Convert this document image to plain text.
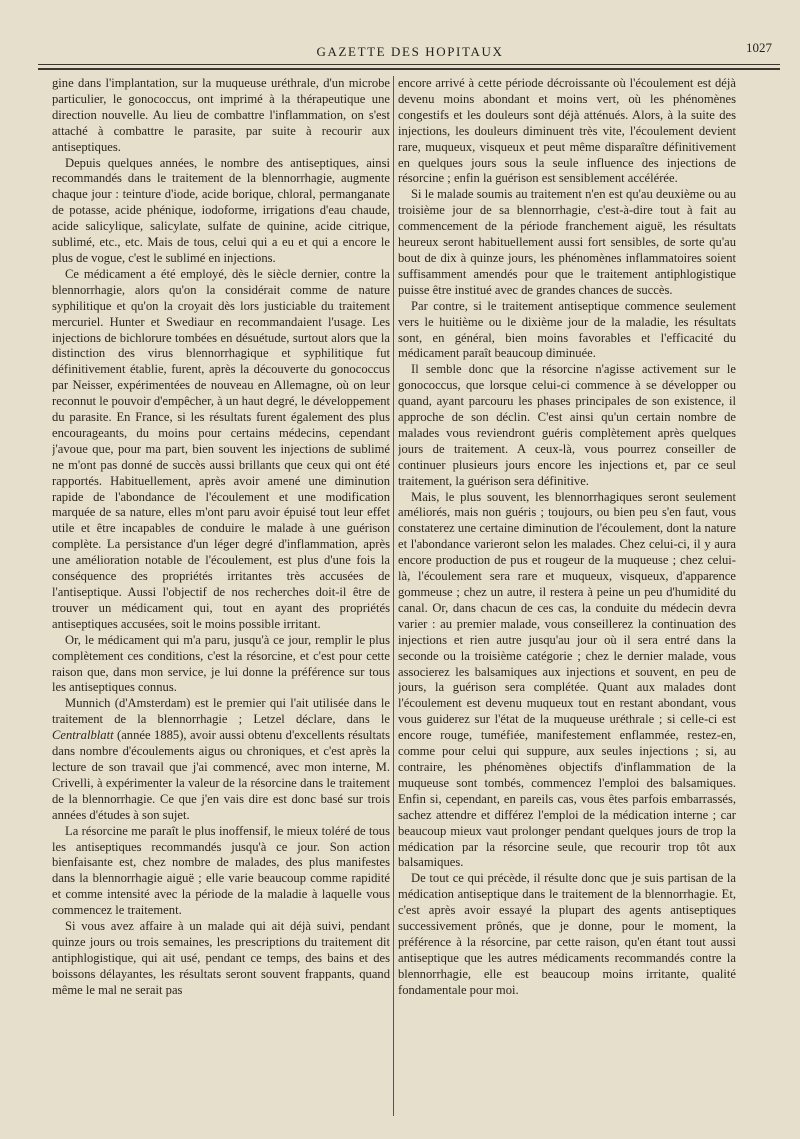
GAZETTE DES HOPITAUX	1027

gine dans l'implantation, sur la muqueuse uréthrale, d'un microbe particulier, le gonococcus, ont imprimé à la thérapeutique une direction nouvelle. Au lieu de combattre l'inflammation, on s'est attaché à combattre le parasite, par suite à recourir aux antiseptiques.

Depuis quelques années, le nombre des antiseptiques, ainsi recommandés dans le traitement de la blennorrhagie, augmente chaque jour : teinture d'iode, acide borique, chloral, permanganate de potasse, acide phénique, iodoforme, irrigations d'eau chaude, acide salicylique, salicylate, sulfate de quinine, acide citrique, sublimé, etc., etc. Mais de tous, celui qui a eu et qui a encore le plus de vogue, c'est le sublimé en injections.

Ce médicament a été employé, dès le siècle dernier, contre la blennorrhagie, alors qu'on la considérait comme de nature syphilitique et qu'on la croyait dès lors justiciable du traitement mercuriel. Hunter et Swediaur en recommandaient l'usage. Les injections de bichlorure tombées en désuétude, surtout alors que la distinction des virus blennorrhagique et syphilitique fut définitivement établie, furent, après la découverte du gonococcus par Neisser, expérimentées de nouveau en Allemagne, où on leur reconnut le pouvoir d'empêcher, à un haut degré, le développement du parasite. En France, si les résultats furent également des plus encourageants, du moins pour certains médecins, cependant j'avoue que, pour ma part, bien souvent les injections de sublimé ne m'ont pas donné de succès aussi brillants que ceux qui ont été rapportés. Habituellement, après avoir amené une diminution rapide de l'abondance de l'écoulement et une modification marquée de sa nature, elles m'ont paru avoir épuisé tout leur effet utile et être incapables de conduire le malade à une guérison complète. La persistance d'un léger degré d'inflammation, après une amélioration notable de l'écoulement, est plus d'une fois la conséquence des propriétés irritantes très accusées de l'antiseptique. Aussi l'objectif de nos recherches doit-il être de trouver un médicament qui, tout en ayant des propriétés antiseptiques accusées, soit le moins possible irritant.

Or, le médicament qui m'a paru, jusqu'à ce jour, remplir le plus complètement ces conditions, c'est la résorcine, et c'est pour cette raison que, dans mon service, je lui donne la préférence sur tous les antiseptiques connus.

Munnich (d'Amsterdam) est le premier qui l'ait utilisée dans le traitement de la blennorrhagie ; Letzel déclare, dans le Centralblatt (année 1885), avoir aussi obtenu d'excellents résultats dans nombre d'écoulements aigus ou chroniques, et c'est après la lecture de son travail que j'ai commencé, avec mon interne, M. Crivelli, à expérimenter la valeur de la résorcine dans le traitement de la blennorrhagie. Ce que j'en vais dire est donc basé sur trois années d'études à son sujet.

La résorcine me paraît le plus inoffensif, le mieux toléré de tous les antiseptiques recommandés jusqu'à ce jour. Son action bienfaisante est, chez nombre de malades, des plus manifestes dans la blennorrhagie aiguë ; elle varie beaucoup comme rapidité et comme intensité avec la période de la maladie à laquelle vous commencez le traitement.

Si vous avez affaire à un malade qui ait déjà suivi, pendant quinze jours ou trois semaines, les prescriptions du traitement dit antiphlogistique, qui ait usé, pendant ce temps, des bains et des boissons délayantes, les résultats seront souvent frappants, quand même le mal ne serait pas

encore arrivé à cette période décroissante où l'écoulement est déjà devenu moins abondant et moins vert, où les phénomènes congestifs et les douleurs sont déjà atténués. Alors, à la suite des injections, les douleurs diminuent très vite, l'écoulement devient rare, muqueux, visqueux et peut même disparaître définitivement en quelques jours sous la seule influence des injections de résorcine ; enfin la guérison est sensiblement accélérée.

Si le malade soumis au traitement n'en est qu'au deuxième ou au troisième jour de sa blennorrhagie, c'est-à-dire tout à fait au commencement de la période franchement aiguë, les résultats heureux seront habituellement aussi fort sensibles, de sorte qu'au bout de dix à quinze jours, les phénomènes inflammatoires soient suffisamment amendés pour que le traitement antiphlogistique puisse être institué avec de grandes chances de succès.

Par contre, si le traitement antiseptique commence seulement vers le huitième ou le dixième jour de la maladie, les résultats sont, en général, bien moins favorables et l'efficacité du médicament paraît beaucoup diminuée.

Il semble donc que la résorcine n'agisse activement sur le gonococcus, que lorsque celui-ci commence à se développer ou quand, ayant parcouru les phases principales de son existence, il approche de son déclin. C'est ainsi qu'un certain nombre de malades vous reviendront guéris complètement après quelques jours de traitement. A ceux-là, vous pourrez conseiller de continuer plusieurs jours encore les injections et, par ce seul traitement, la guérison sera définitive.

Mais, le plus souvent, les blennorrhagiques seront seulement améliorés, mais non guéris ; toujours, ou bien peu s'en faut, vous constaterez une certaine diminution de l'écoulement, dont la nature et l'abondance varieront selon les malades. Chez celui-ci, il y aura encore production de pus et rougeur de la muqueuse ; chez celui-là, l'écoulement sera rare et muqueux, visqueux, d'apparence gommeuse ; chez un autre, il restera à peine un peu d'humidité du canal. Or, dans chacun de ces cas, la conduite du médecin devra varier : au premier malade, vous conseillerez la continuation des injections et rien autre jusqu'au jour où il sera entré dans la seconde ou la troisième catégorie ; chez le dernier malade, vous associerez les balsamiques aux injections et souvent, en peu de jours, la guérison sera complétée. Quant aux malades dont l'écoulement est devenu muqueux tout en restant abondant, vous vous guiderez sur l'état de la muqueuse uréthrale ; si celle-ci est encore rouge, tuméfiée, manifestement enflammée, restez-en, comme pour celui qui suppure, aux seules injections ; si, au contraire, les phénomènes objectifs d'inflammation de la muqueuse sont tombés, commencez l'emploi des balsamiques. Enfin si, cependant, en pareils cas, vous êtes parfois embarrassés, sachez attendre et différez l'emploi de la médication interne ; car beaucoup mieux vaut prolonger pendant quelques jours de trop la médication par la résorcine seule, que recourir trop tôt aux balsamiques.

De tout ce qui précède, il résulte donc que je suis partisan de la médication antiseptique dans le traitement de la blennorrhagie. Et, c'est après avoir essayé la plupart des agents antiseptiques successivement prônés, que je donne, pour le moment, la préférence à la résorcine, par cette raison, qu'en étant tout aussi antiseptique que les autres médicaments recommandés contre la blennorrhagie, elle est beaucoup moins irritante, qualité fondamentale pour moi.
